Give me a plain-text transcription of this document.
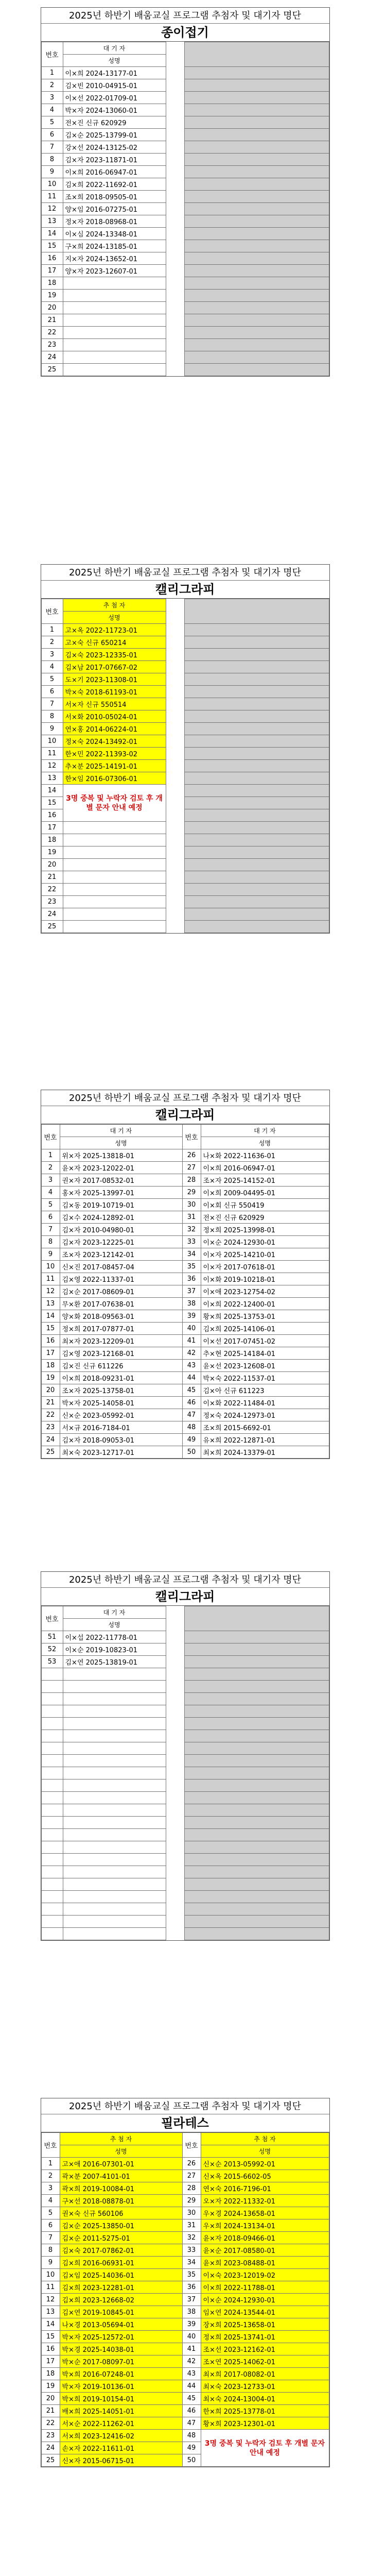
2025년 하반기 배움교실 프로그램 추첨자 및 대기자 명단
종이접기
번호	대 기 자		
	성명		
1	이×희 2024-13177-01		
2	김×빈 2010-04915-01		
3	이×선 2022-01709-01		
4	박×자 2024-13060-01		
5	전×진 신규 620929		
6	김×순 2025-13799-01		
7	강×선 2024-13125-02		
8	김×자 2023-11871-01		
9	이×희 2016-06947-01		
10	김×희 2022-11692-01		
11	조×희 2018-09505-01		
12	양×임 2016-07275-01		
13	정×자 2018-08968-01		
14	이×심 2024-13348-01		
15	구×희 2024-13185-01		
16	지×자 2024-13652-01		
17	양×자 2023-12607-01		
18			
19			
20			
21			
22			
23			
24			
25			
2025년 하반기 배움교실 프로그램 추첨자 및 대기자 명단
캘리그라피
번호	추 첨 자		
	성명		
1	고×옥 2022-11723-01		
2	고×숙 신규 650214		
3	김×숙 2023-12335-01		
4	김×남 2017-07667-02		
5	도×기 2023-11308-01		
6	박×숙 2018-61193-01		
7	서×자 신규 550514		
8	서×화 2010-05024-01		
9	연×홍 2014-06224-01		
10	정×숙 2024-13492-01		
11	한×민 2022-11393-02		
12	추×분 2025-14191-01		
13	한×임 2016-07306-01		
14	3명 중복 및 누락자 검토 후 개별 문자 안내 예정		
15			
16			
17			
18			
19			
20			
21			
22			
23			
24			
25			
2025년 하반기 배움교실 프로그램 추첨자 및 대기자 명단
캘리그라피
번호	대 기 자	번호	대 기 자
	성명		성명
1	위×자 2025-13818-01	26	나×화 2022-11636-01
2	윤×자 2023-12022-01	27	이×희 2016-06947-01
3	권×자 2017-08532-01	28	조×자 2025-14152-01
4	홍×자 2025-13997-01	29	이×희 2009-04495-01
5	김×동 2019-10719-01	30	이×회 신규 550419
6	김×수 2024-12892-01	31	전×진 신규 620929
7	김×자 2010-04980-01	32	정×희 2025-13998-01
8	김×자 2023-12225-01	33	이×순 2024-12930-01
9	조×자 2023-12142-01	34	이×자 2025-14210-01
10	신×진 2017-08457-04	35	이×자 2017-07618-01
11	김×영 2022-11337-01	36	이×화 2019-10218-01
12	김×순 2017-08609-01	37	이×애 2023-12754-02
13	무×환 2017-07638-01	38	이×희 2022-12400-01
14	양×화 2018-09563-01	39	황×희 2025-13753-01
15	정×희 2017-07877-01	40	김×희 2025-14106-01
16	최×자 2023-12209-01	41	이×선 2017-07451-02
17	김×영 2023-12168-01	42	추×현 2025-14184-01
18	김×진 신규 611226	43	윤×선 2023-12608-01
19	이×희 2018-09231-01	44	박×숙 2022-11537-01
20	조×자 2025-13758-01	45	김×아 신규 611223
21	박×자 2025-14058-01	46	이×화 2022-11484-01
22	신×순 2023-05992-01	47	정×숙 2024-12973-01
23	서×규 2016-7184-01	48	조×희 2015-6692-01
24	김×자 2018-09053-01	49	유×희 2022-12871-01
25	최×숙 2023-12717-01	50	최×희 2024-13379-01
2025년 하반기 배움교실 프로그램 추첨자 및 대기자 명단
캘리그라피
번호	대 기 자		
	성명		
51	이×섭 2022-11778-01		
52	이×순 2019-10823-01		
53	김×연 2025-13819-01		

2025년 하반기 배움교실 프로그램 추첨자 및 대기자 명단
필라테스
번호	추 첨 자	번호	추 첨 자
	성명		성명
1	고×애 2016-07301-01	26	신×순 2013-05992-01
2	곽×분 2007-4101-01	27	신×옥 2015-6602-05
3	곽×희 2019-10084-01	28	연×숙 2016-7196-01
4	구×선 2018-08878-01	29	오×자 2022-11332-01
5	권×숙 신규 560106	30	우×경 2024-13658-01
6	김×순 2025-13850-01	31	우×희 2024-13134-01
7	김×순 2011-5275-01	32	윤×자 2018-09466-01
8	김×숙 2017-07862-01	33	윤×순 2017-08580-01
9	김×희 2016-06931-01	34	윤×희 2023-08488-01
10	김×임 2025-14036-01	35	이×숙 2023-12019-02
11	김×희 2023-12281-01	36	이×희 2022-11788-01
12	김×희 2023-12668-02	37	이×순 2024-12930-01
13	김×연 2019-10845-01	38	임×연 2024-13544-01
14	나×경 2013-05694-01	39	장×희 2025-13658-01
15	박×자 2025-12572-01	40	정×희 2025-13741-01
16	박×경 2025-14038-01	41	조×선 2023-12162-01
17	박×순 2017-08097-01	42	조×연 2025-14062-01
18	박×희 2016-07248-01	43	최×희 2017-08082-01
19	박×자 2019-10136-01	44	최×숙 2023-12733-01
20	박×희 2019-10154-01	45	최×숙 2024-13004-01
21	배×희 2025-14051-01	46	한×희 2025-13778-01
22	서×순 2022-11262-01	47	황×희 2023-12301-01
23	서×희 2023-12416-02	48	3명 중복 및 누락자 검토 후 개별 문자 안내 예정
24	손×자 2022-11611-01	49	
25	신×자 2015-06715-01	50	
